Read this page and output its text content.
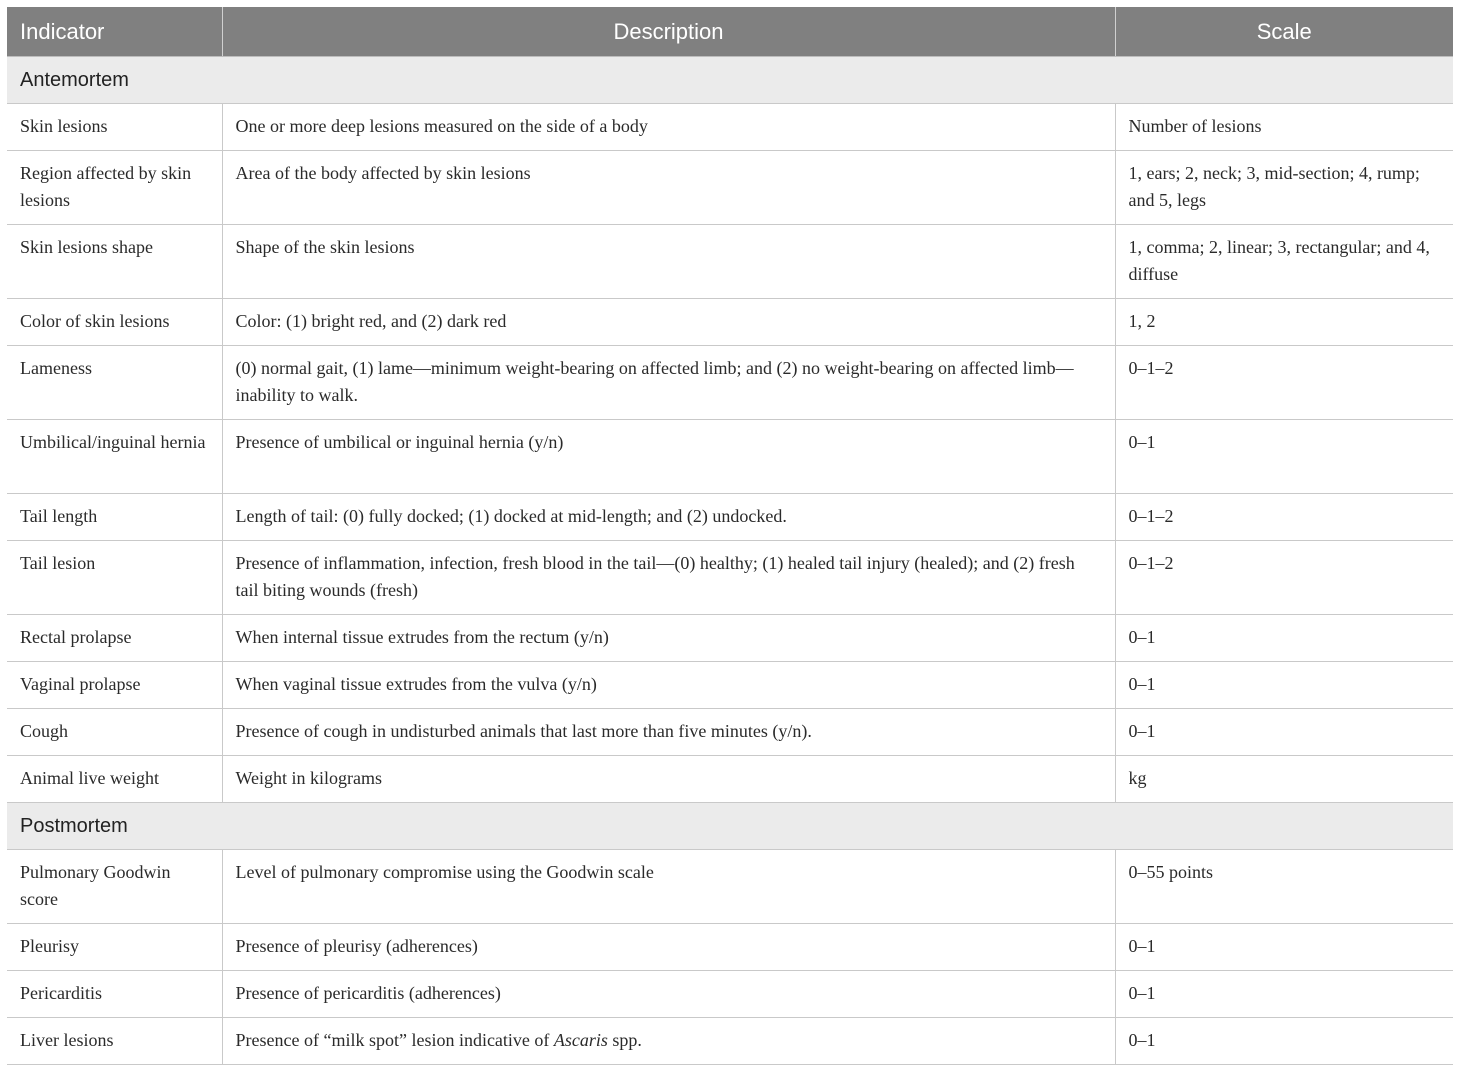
Indicator	Description	Scale
Antemortem		
Skin lesions	One or more deep lesions measured on the side of a body	Number of lesions
Region affected by skin lesions	Area of the body affected by skin lesions	1, ears; 2, neck; 3, mid-section; 4, rump; and 5, legs
Skin lesions shape	Shape of the skin lesions	1, comma; 2, linear; 3, rectangular; and 4, diffuse
Color of skin lesions	Color: (1) bright red, and (2) dark red	1, 2
Lameness	(0) normal gait, (1) lame—minimum weight-bearing on affected limb; and (2) no weight-bearing on affected limb—inability to walk.	0–1–2
Umbilical/inguinal hernia	Presence of umbilical or inguinal hernia (y/n)	0–1
Tail length	Length of tail: (0) fully docked; (1) docked at mid-length; and (2) undocked.	0–1–2
Tail lesion	Presence of inflammation, infection, fresh blood in the tail—(0) healthy; (1) healed tail injury (healed); and (2) fresh tail biting wounds (fresh)	0–1–2
Rectal prolapse	When internal tissue extrudes from the rectum (y/n)	0–1
Vaginal prolapse	When vaginal tissue extrudes from the vulva (y/n)	0–1
Cough	Presence of cough in undisturbed animals that last more than five minutes (y/n).	0–1
Animal live weight	Weight in kilograms	kg
Postmortem		
Pulmonary Goodwin score	Level of pulmonary compromise using the Goodwin scale	0–55 points
Pleurisy	Presence of pleurisy (adherences)	0–1
Pericarditis	Presence of pericarditis (adherences)	0–1
Liver lesions	Presence of “milk spot” lesion indicative of Ascaris spp.	0–1
